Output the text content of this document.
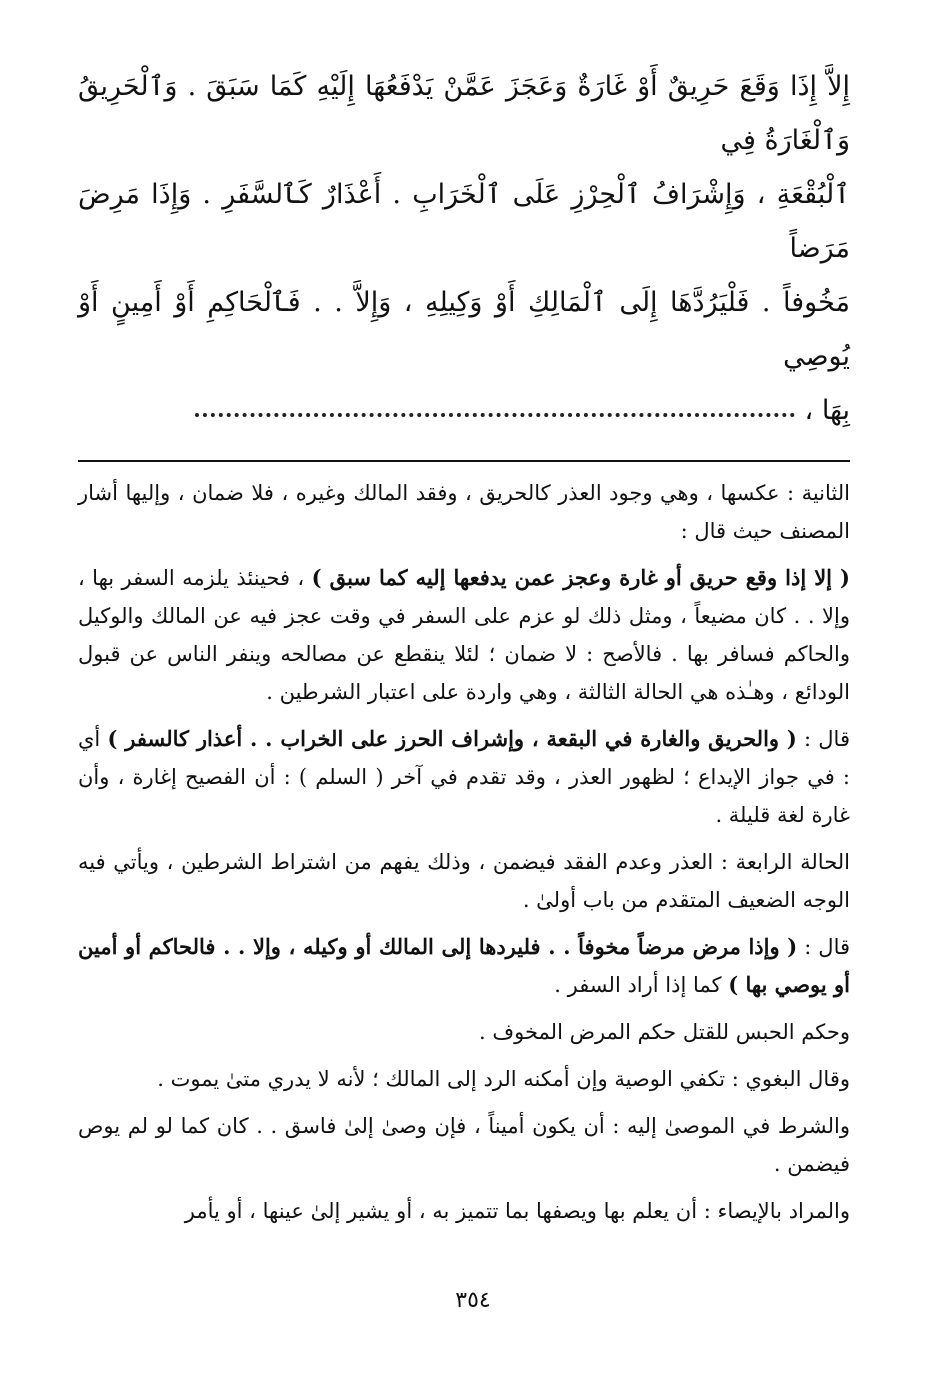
إِلاَّ إِذَا وَقَعَ حَرِيقٌ أَوْ غَارَةٌ وَعَجَزَ عَمَّنْ يَدْفَعُهَا إِلَيْهِ كَمَا سَبَقَ . وَٱلْحَرِيقُ وَٱلْغَارَةُ فِي

ٱلْبُقْعَةِ ، وَإِشْرَافُ ٱلْحِرْزِ عَلَى ٱلْخَرَابِ . أَعْذَارٌ كَٱلسَّفَرِ . وَإِذَا مَرِضَ مَرَضاً

مَخُوفاً . فَلْيَرُدَّهَا إِلَى ٱلْمَالِكِ أَوْ وَكِيلِهِ ، وَإِلاَّ . . فَٱلْحَاكِمِ أَوْ أَمِينٍ أَوْ يُوصِي

بِهَا ،

الثانية : عكسها ، وهي وجود العذر كالحريق ، وفقد المالك وغيره ، فلا ضمان ، وإليها أشار المصنف حيث قال :

( إلا إذا وقع حريق أو غارة وعجز عمن يدفعها إليه كما سبق ) ، فحينئذ يلزمه السفر بها ، وإلا . . كان مضيعاً ، ومثل ذلك لو عزم على السفر في وقت عجز فيه عن المالك والوكيل والحاكم فسافر بها . فالأصح : لا ضمان ؛ لئلا ينقطع عن مصالحه وينفر الناس عن قبول الودائع ، وهـٰذه هي الحالة الثالثة ، وهي واردة على اعتبار الشرطين .

قال : ( والحريق والغارة في البقعة ، وإشراف الحرز على الخراب . . أعذار كالسفر ) أي : في جواز الإيداع ؛ لظهور العذر ، وقد تقدم في آخر ( السلم ) : أن الفصيح إغارة ، وأن غارة لغة قليلة .

الحالة الرابعة : العذر وعدم الفقد فيضمن ، وذلك يفهم من اشتراط الشرطين ، ويأتي فيه الوجه الضعيف المتقدم من باب أولىٰ .

قال : ( وإذا مرض مرضاً مخوفاً . . فليردها إلى المالك أو وكيله ، وإلا . . فالحاكم أو أمين أو يوصي بها ) كما إذا أراد السفر .

وحكم الحبس للقتل حكم المرض المخوف .

وقال البغوي : تكفي الوصية وإن أمكنه الرد إلى المالك ؛ لأنه لا يدري متىٰ يموت .

والشرط في الموصىٰ إليه : أن يكون أميناً ، فإن وصىٰ إلىٰ فاسق . . كان كما لو لم يوص فيضمن .

والمراد بالإيصاء : أن يعلم بها ويصفها بما تتميز به ، أو يشير إلىٰ عينها ، أو يأمر

٣٥٤
